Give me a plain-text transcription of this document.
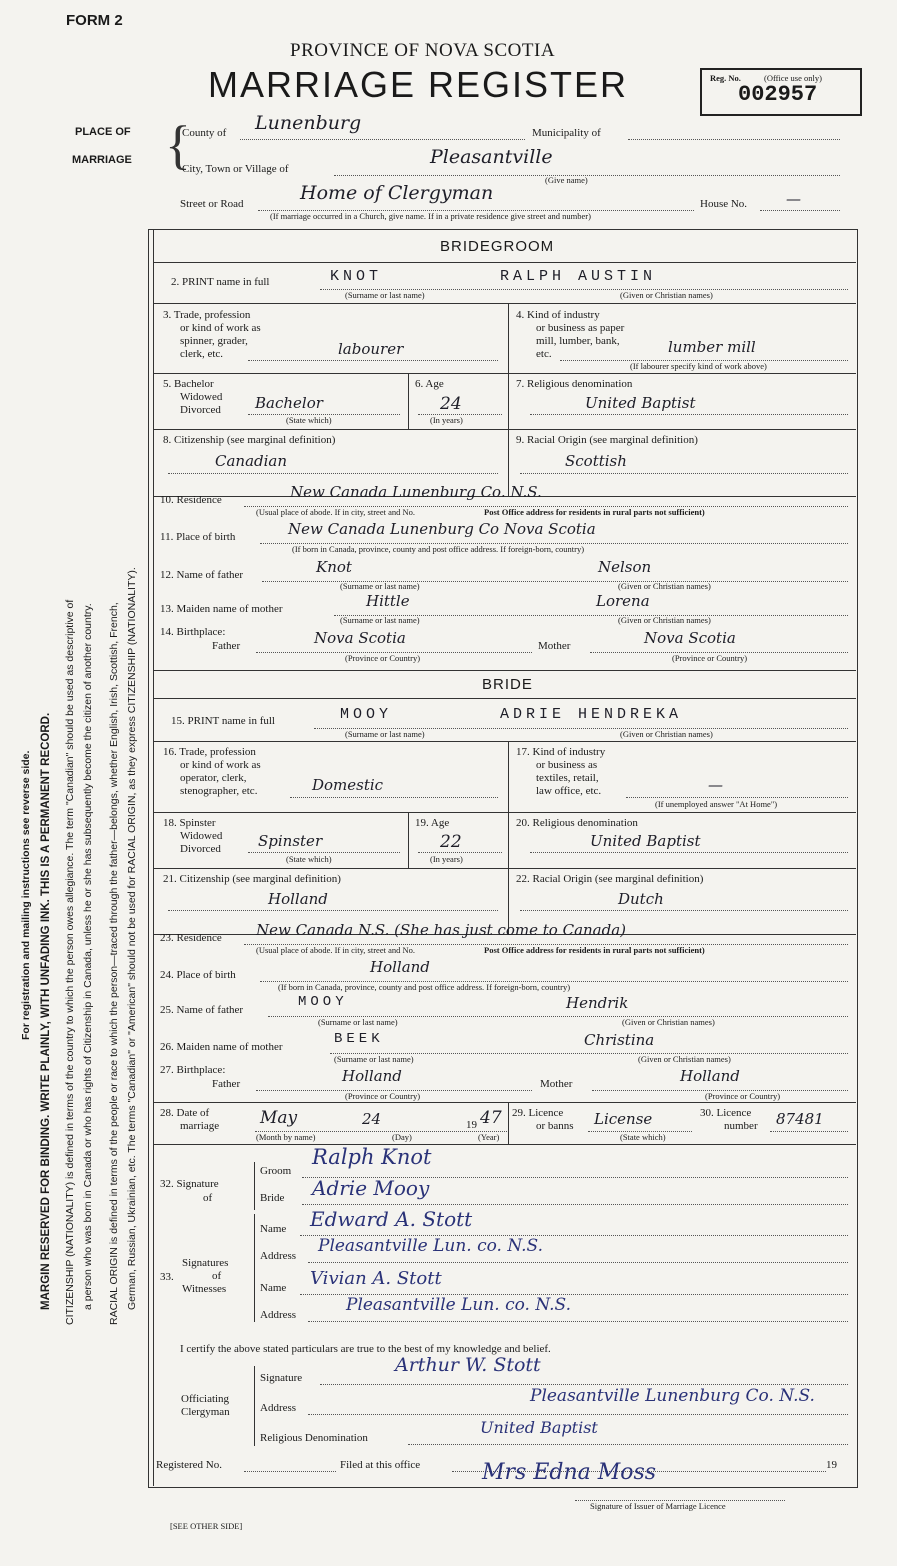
FORM 2
PROVINCE OF NOVA SCOTIA
MARRIAGE REGISTER	Reg. No.	(Office use only)
002957
PLACE OF
MARRIAGE {
County of Lunenburg	Municipality of
City, Town or Village of
Pleasantville
(Give name)
Street or Road	Home of Clergyman	House No.	—
(If marriage occurred in a Church, give name. If in a private residence give street and number)
BRIDEGROOM
2. PRINT name in full	KNOT	RALPH AUSTIN
(Surname or last name)	(Given or Christian names)
3. Trade, profession
or kind of work as
spinner, grader,
clerk, etc.	labourer
4. Kind of industry
or business as paper
mill, lumber, bank,
etc.	lumber mill
(If labourer specify kind of work above)
5. Bachelor
Widowed
Divorced Bachelor
(State which)
6. Age
24
(In years)
7. Religious denomination
United Baptist
8. Citizenship (see marginal definition)
Canadian
9. Racial Origin (see marginal definition)
Scottish
10. Residence	New Canada Lunenburg Co. N.S.
(Usual place of abode. If in city, street and No.	Post Office address for residents in rural parts not sufficient)
11. Place of birth	New Canada Lunenburg Co Nova Scotia
(If born in Canada, province, county and post office address. If foreign-born, country)
12. Name of father	Knot	Nelson
(Surname or last name)	(Given or Christian names)
13. Maiden name of mother	Hittle	Lorena
(Surname or last name)	(Given or Christian names)
14. Birthplace:
Father	Nova Scotia	Mother	Nova Scotia
(Province or Country)	(Province or Country)
BRIDE
15. PRINT name in full	MOOY	ADRIE HENDREKA
(Surname or last name)	(Given or Christian names)
16. Trade, profession
or kind of work as
operator, clerk,
stenographer, etc.	Domestic
17. Kind of industry
or business as
textiles, retail,
law office, etc.	—
(If unemployed answer "At Home")
18. Spinster
Widowed
Divorced Spinster
(State which)
19. Age
22
(In years)
20. Religious denomination
United Baptist
21. Citizenship (see marginal definition)
Holland
22. Racial Origin (see marginal definition)
Dutch
23. Residence New Canada N.S. (She has just come to Canada)
(Usual place of abode. If in city, street and No.	Post Office address for residents in rural parts not sufficient)
24. Place of birth	Holland
(If born in Canada, province, county and post office address. If foreign-born, country)
25. Name of father	MOOY	Hendrik
(Surname or last name)	(Given or Christian names)
26. Maiden name of mother	BEEK	Christina
(Surname or last name)	(Given or Christian names)
27. Birthplace:
Father	Holland	Mother	Holland
(Province or Country)	(Province or Country)
28. Date of
marriage May	24	19 47
(Month by name)	(Day)	(Year)
29. Licence
or banns License
(State which)
30. Licence
number 87481
32. Signature
of
Groom
Ralph Knot
Bride Adrie Mooy
33.
Signatures
of
Witnesses
Name Edward A. Stott
Address Pleasantville Lun. co. N.S.
Name Vivian A. Stott
Address	Pleasantville Lun. co. N.S.
I certify the above stated particulars are true to the best of my knowledge and belief.
Officiating
Clergyman
Signature
Arthur W. Stott
Address
Pleasantville Lunenburg Co. N.S.
Religious Denomination
United Baptist
Registered No.	Filed at this office	19
Mrs Edna Moss
Signature of Issuer of Marriage Licence
[SEE OTHER SIDE]
For registration and mailing instructions see reverse side. MARGIN RESERVED FOR BINDING. WRITE PLAINLY, WITH UNFADING INK. THIS IS A PERMANENT RECORD. CITIZENSHIP (NATIONALITY) is defined in terms of the country to which the person owes allegiance. The term "Canadian" should be used as descriptive of a person who was born in Canada or who has rights of Citizenship in Canada, unless he or she has subsequently become the citizen of another country. RACIAL ORIGIN is defined in terms of the people or race to which the person—traced through the father—belongs, whether English, Irish, Scottish, French, German, Russian, Ukrainian, etc. The terms "Canadian" or "American" should not be used for RACIAL ORIGIN, as they express CITIZENSHIP (NATIONALITY).
